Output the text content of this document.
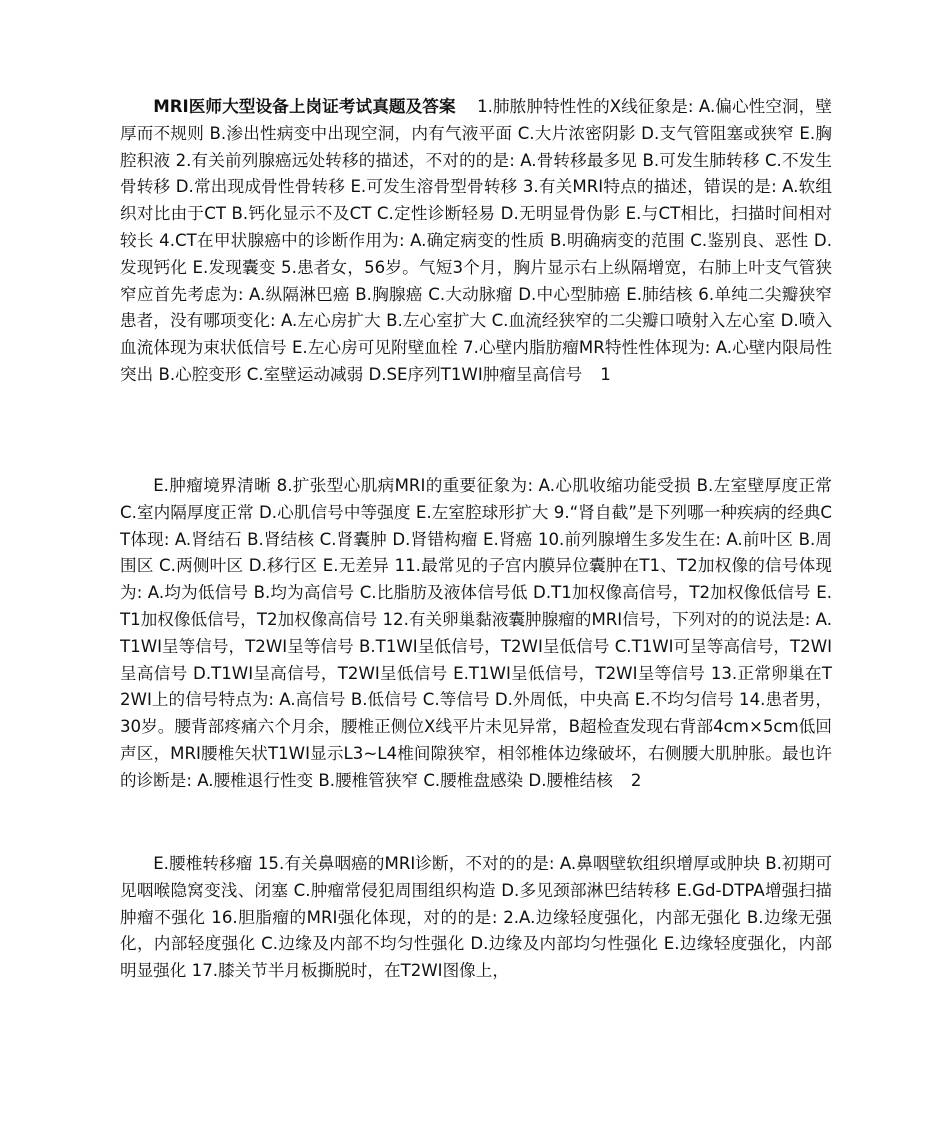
MRI医师大型设备上岗证考试真题及答案 1.肺脓肿特性性的X线征象是: A.偏心性空洞，壁厚而不规则 B.渗出性病变中出现空洞，内有气液平面 C.大片浓密阴影 D.支气管阻塞或狭窄 E.胸腔积液 2.有关前列腺癌远处转移的描述，不对的的是: A.骨转移最多见 B.可发生肺转移 C.不发生骨转移 D.常出现成骨性骨转移 E.可发生溶骨型骨转移 3.有关MRI特点的描述，错误的是: A.软组织对比由于CT B.钙化显示不及CT C.定性诊断轻易 D.无明显骨伪影 E.与CT相比，扫描时间相对较长 4.CT在甲状腺癌中的诊断作用为: A.确定病变的性质 B.明确病变的范围 C.鉴别良、恶性 D.发现钙化 E.发现囊变 5.患者女，56岁。气短3个月，胸片显示右上纵隔增宽，右肺上叶支气管狭窄应首先考虑为: A.纵隔淋巴癌 B.胸腺癌 C.大动脉瘤 D.中心型肺癌 E.肺结核 6.单纯二尖瓣狭窄患者，没有哪项变化: A.左心房扩大 B.左心室扩大 C.血流经狭窄的二尖瓣口喷射入左心室 D.喷入血流体现为束状低信号 E.左心房可见附壁血栓 7.心壁内脂肪瘤MR特性性体现为: A.心壁内限局性突出 B.心腔变形 C.室壁运动减弱 D.SE序列T1WI肿瘤呈高信号 1

E.肿瘤境界清晰 8.扩张型心肌病MRI的重要征象为: A.心肌收缩功能受损 B.左室壁厚度正常 C.室内隔厚度正常 D.心肌信号中等强度 E.左室腔球形扩大 9.“肾自截”是下列哪一种疾病的经典CT体现: A.肾结石 B.肾结核 C.肾囊肿 D.肾错构瘤 E.肾癌 10.前列腺增生多发生在: A.前叶区 B.周围区 C.两侧叶区 D.移行区 E.无差异 11.最常见的子宫内膜异位囊肿在T1、T2加权像的信号体现为: A.均为低信号 B.均为高信号 C.比脂肪及液体信号低 D.T1加权像高信号，T2加权像低信号 E.T1加权像低信号，T2加权像高信号 12.有关卵巢黏液囊肿腺瘤的MRI信号，下列对的的说法是: A.T1WI呈等信号，T2WI呈等信号 B.T1WI呈低信号，T2WI呈低信号 C.T1WI可呈等高信号，T2WI呈高信号 D.T1WI呈高信号，T2WI呈低信号 E.T1WI呈低信号，T2WI呈等信号 13.正常卵巢在T2WI上的信号特点为: A.高信号 B.低信号 C.等信号 D.外周低，中央高 E.不均匀信号 14.患者男，30岁。腰背部疼痛六个月余，腰椎正侧位X线平片未见异常，B超检查发现右背部4cm×5cm低回声区，MRI腰椎矢状T1WI显示L3~L4椎间隙狭窄，相邻椎体边缘破坏，右侧腰大肌肿胀。最也许的诊断是: A.腰椎退行性变 B.腰椎管狭窄 C.腰椎盘感染 D.腰椎结核 2

E.腰椎转移瘤 15.有关鼻咽癌的MRI诊断，不对的的是: A.鼻咽壁软组织增厚或肿块 B.初期可见咽喉隐窝变浅、闭塞 C.肿瘤常侵犯周围组织构造 D.多见颈部淋巴结转移 E.Gd-DTPA增强扫描肿瘤不强化 16.胆脂瘤的MRI强化体现，对的的是: 2.A.边缘轻度强化，内部无强化 B.边缘无强化，内部轻度强化 C.边缘及内部不均匀性强化 D.边缘及内部均匀性强化 E.边缘轻度强化，内部明显强化 17.膝关节半月板撕脱时，在T2WI图像上，
